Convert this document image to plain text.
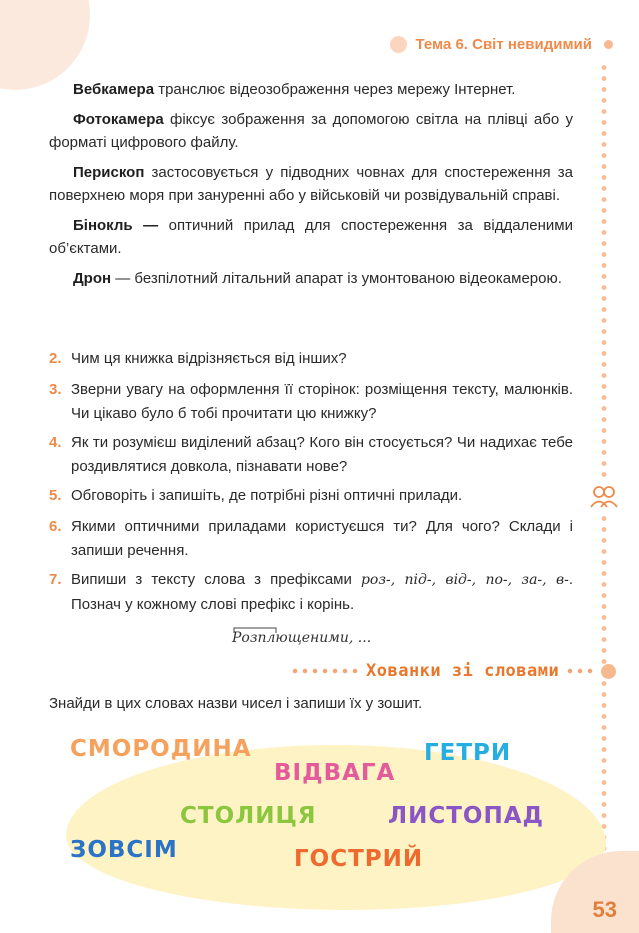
Тема 6. Світ невидимий

Вебкамера транслює відеозображення через мережу Інтернет.

Фотокамера фіксує зображення за допомогою світла на плівці або у форматі цифрового файлу.

Перископ застосовується у підводних човнах для спостереження за поверхнею моря при зануренні або у військовій чи розвідувальній справі.

Бінокль — оптичний прилад для спостереження за віддаленими об’єктами.

Дрон — безпілотний літальний апарат із умонтованою відеокамерою.

2. Чим ця книжка відрізняється від інших?
3. Зверни увагу на оформлення її сторінок: розміщення тексту, малюнків. Чи цікаво було б тобі прочитати цю книжку?
4. Як ти розумієш виділений абзац? Кого він стосується? Чи надихає тебе роздивлятися довкола, пізнавати нове?
5. Обговоріть і запишіть, де потрібні різні оптичні прилади.
6. Якими оптичними приладами користуєшся ти? Для чого? Склади і запиши речення.
7. Випиши з тексту слова з префіксами роз-, під-, від-, по-, за-, в-. Познач у кожному слові префікс і корінь.
Розплющеними, ...
Хованки зі словами
Знайди в цих словах назви чисел і запиши їх у зошит.
СМОРОДИНА	ГЕТРИ
ВІДВАГА
СТОЛИЦЯ	ЛИСТОПАД
ЗОВСІМ	ГОСТРИЙ
53
